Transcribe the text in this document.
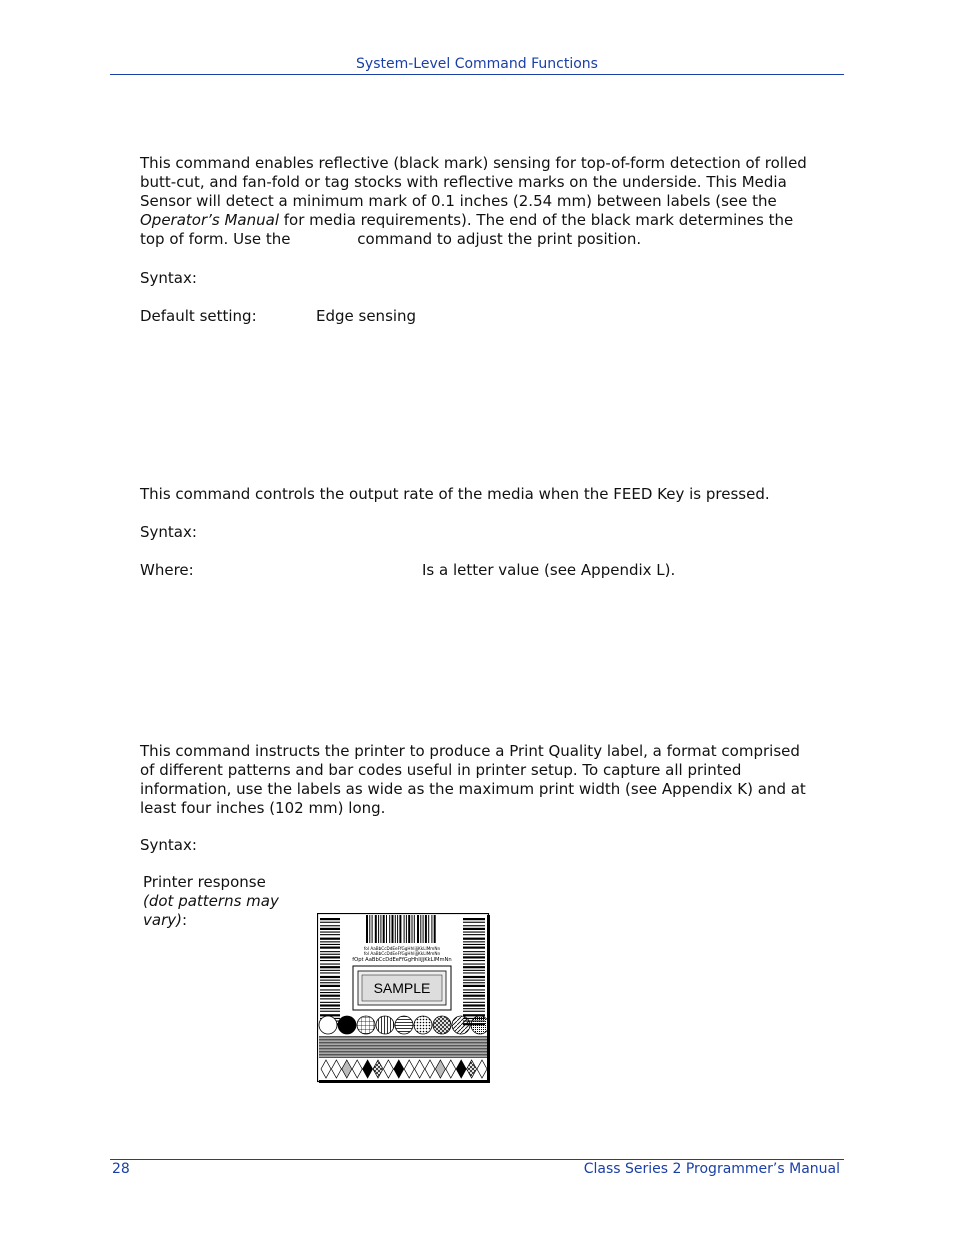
System-Level Command Functions
This command enables reflective (black mark) sensing for top-of-form detection of rolled
butt-cut, and fan-fold or tag stocks with reflective marks on the underside. This Media
Sensor will detect a minimum mark of 0.1 inches (2.54 mm) between labels (see the
Operator’s Manual for media requirements). The end of the black mark determines the
top of form. Use the	command to adjust the print position.
Syntax:
Default setting:	Edge sensing
This command controls the output rate of the media when the FEED Key is pressed.
Syntax:
Where:	Is a letter value (see Appendix L).
This command instructs the printer to produce a Print Quality label, a format comprised
of different patterns and bar codes useful in printer setup. To capture all printed
information, use the labels as wide as the maximum print width (see Appendix K) and at
least four inches (102 mm) long.
Syntax:
Printer response
(dot patterns may vary):
fol AaBbCcDdEeFfGgHhIiJjKkLlMmNn
fol AaBbCcDdEeFfGgHhIiJjKkLlMmNn
fOpt AaBbCcDdEeFfGgHhIiJjKkLlMmNn
SAMPLE
28	Class Series 2 Programmer’s Manual
